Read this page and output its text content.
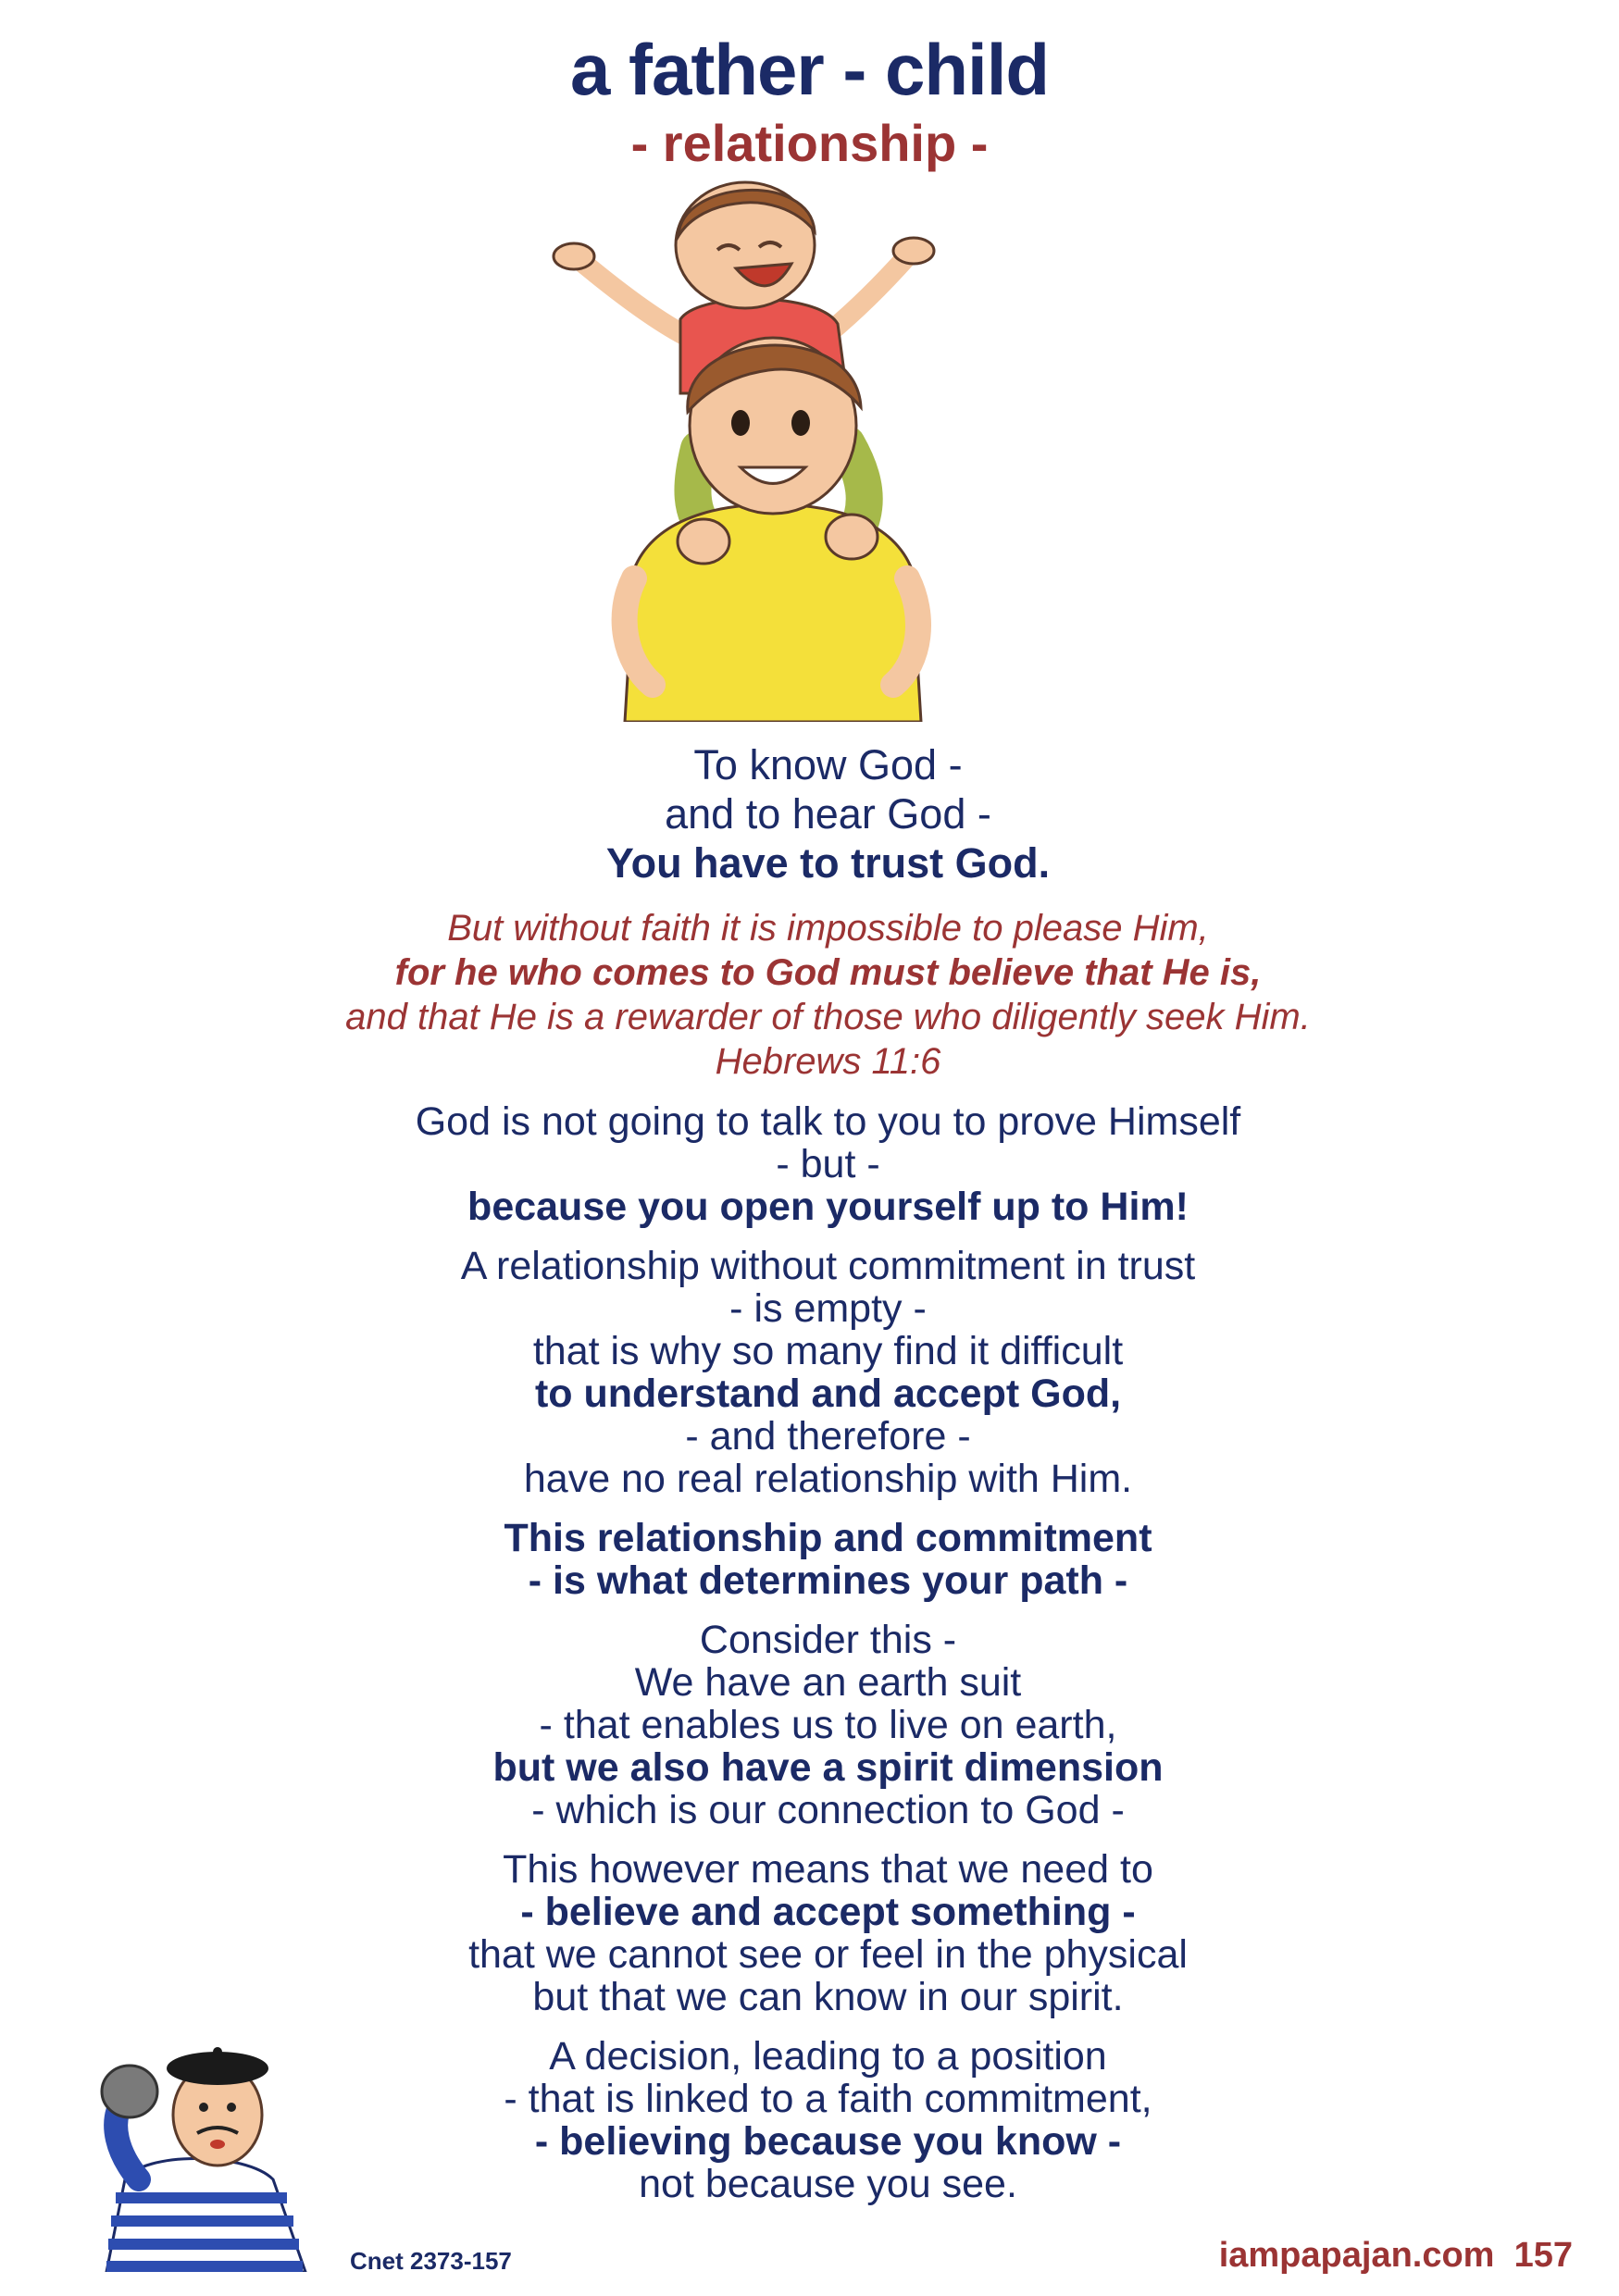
a father - child
- relationship -
To know God -
and to hear God -
You have to trust God.
But without faith it is impossible to please Him,
for he who comes to God must believe that He is,
and that He is a rewarder of those who diligently seek Him.
Hebrews 11:6
God is not going to talk to you to prove Himself
- but -
because you open yourself up to Him!
A relationship without commitment in trust
- is empty -
that is why so many find it difficult
to understand and accept God,
- and therefore -
have no real relationship with Him.
This relationship and commitment
- is what determines your path -
Consider this -
We have an earth suit
- that enables us to live on earth,
but we also have a spirit dimension
- which is our connection to God -
This however means that we need to
- believe and accept something -
that we cannot see or feel in the physical
but that we can know in our spirit.
A decision, leading to a position
- that is linked to a faith commitment,
- believing because you know -
not because you see.
Cnet 2373-157	iampapajan.com 157
